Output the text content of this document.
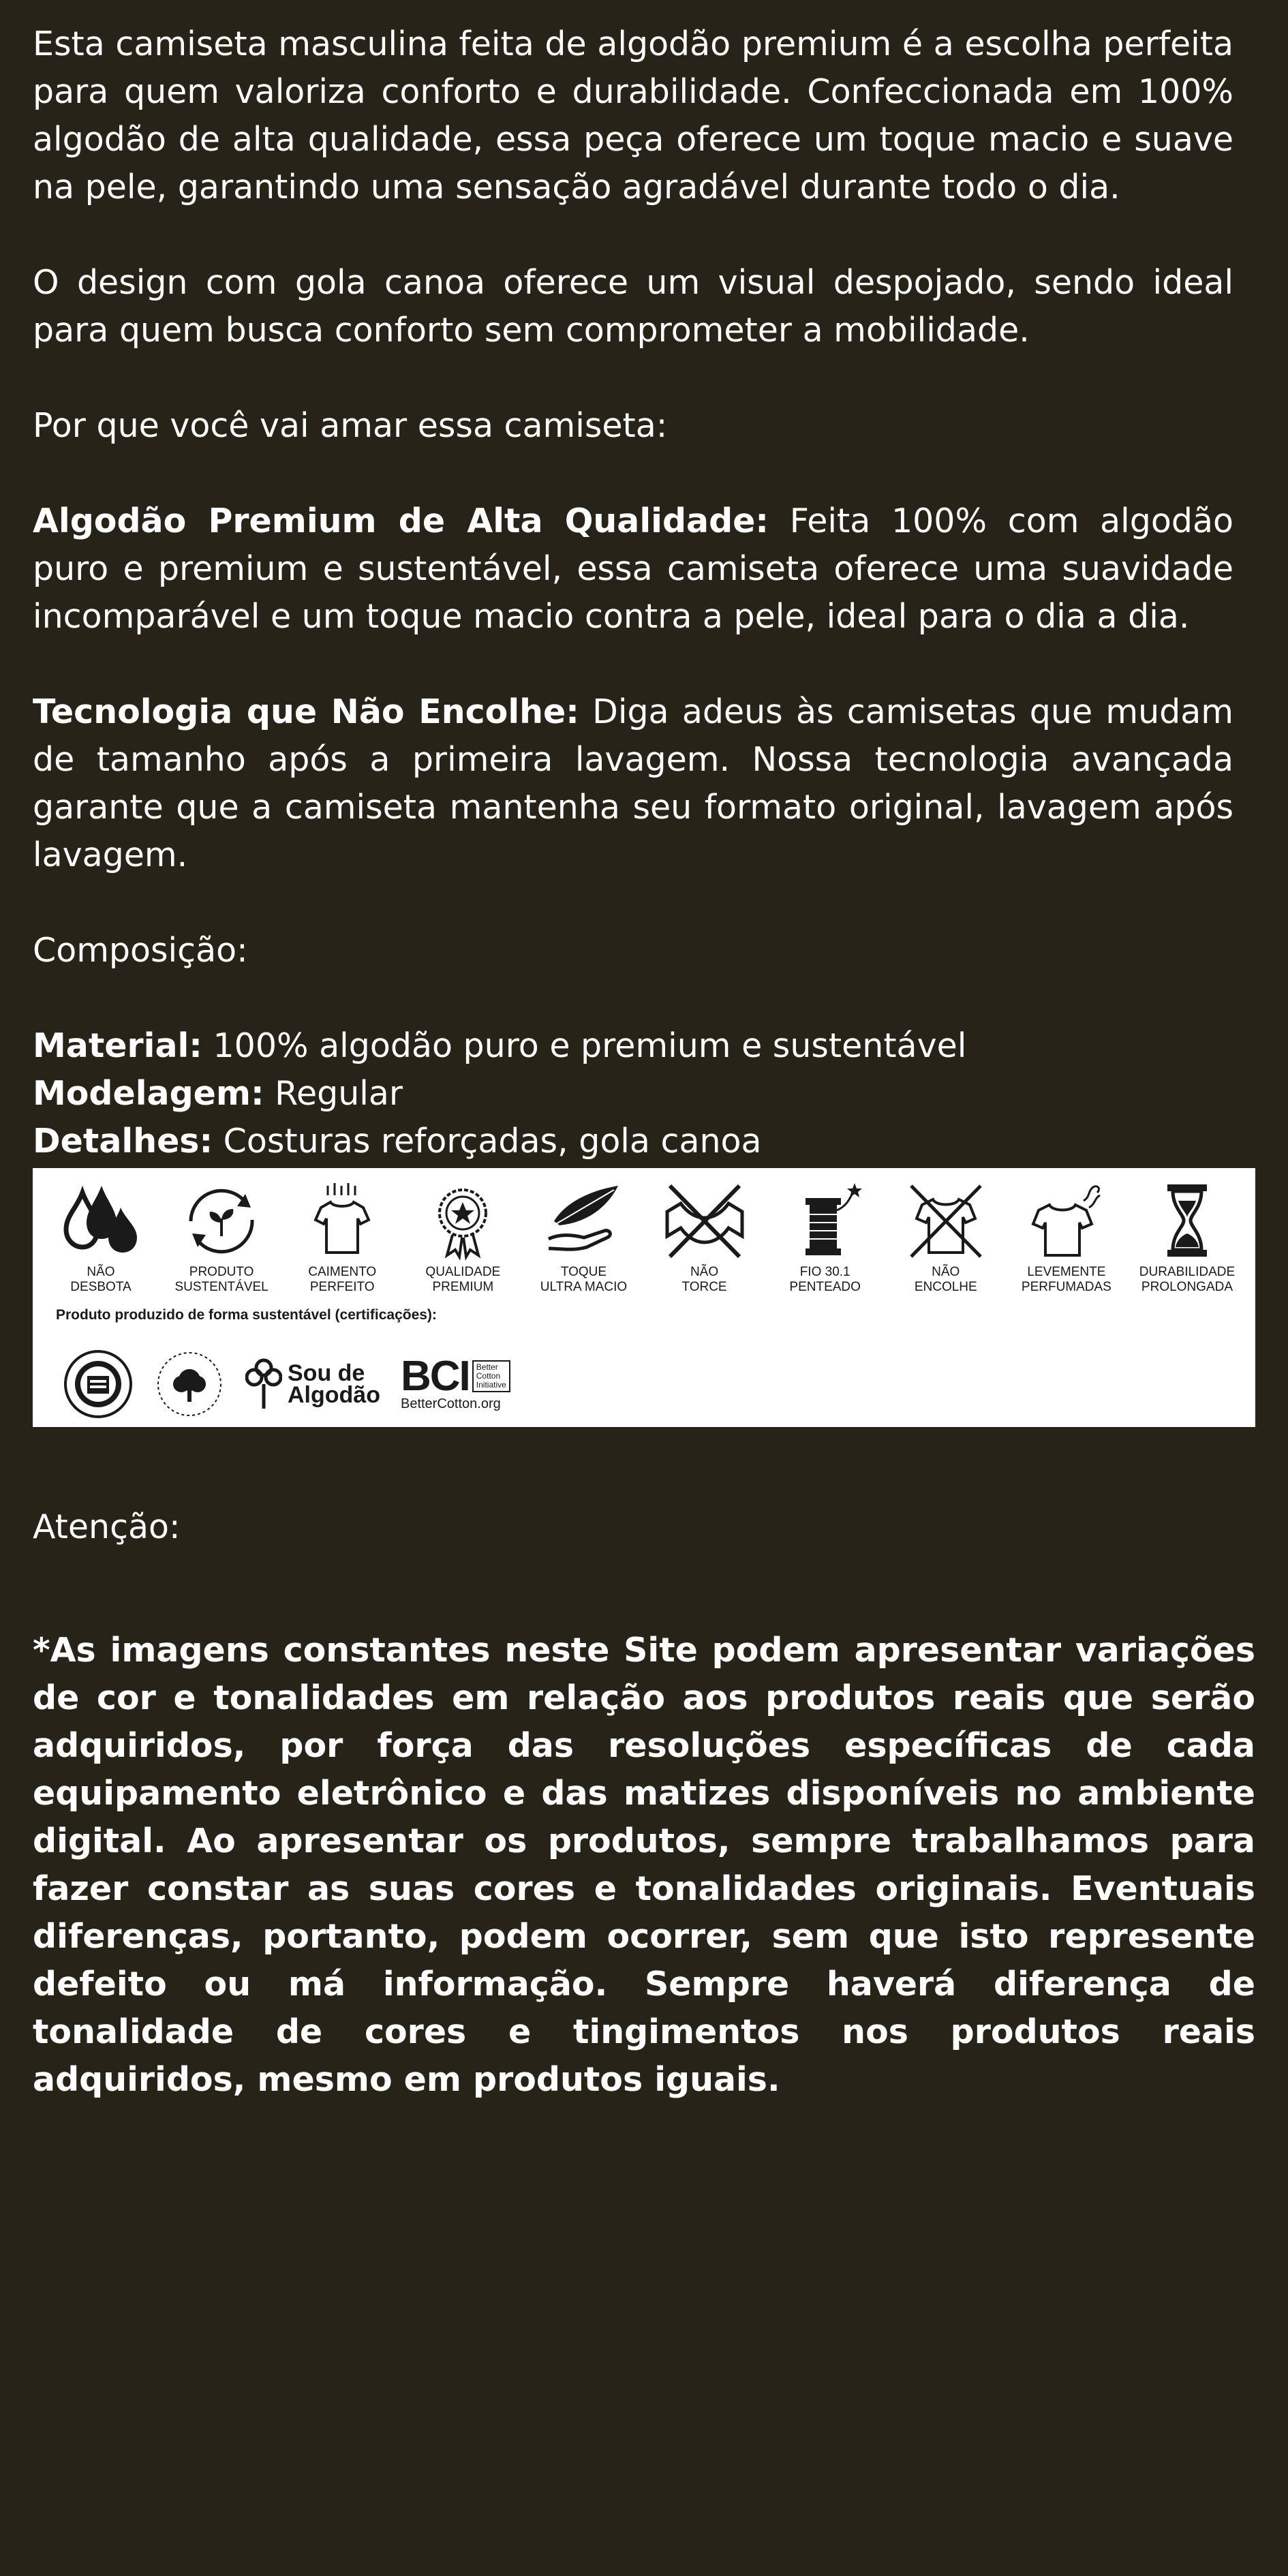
Esta camiseta masculina feita de algodão premium é a escolha perfeita para quem valoriza conforto e durabilidade. Confeccionada em 100% algodão de alta qualidade, essa peça oferece um toque macio e suave na pele, garantindo uma sensação agradável durante todo o dia.

O design com gola canoa oferece um visual despojado, sendo ideal para quem busca conforto sem comprometer a mobilidade.

Por que você vai amar essa camiseta:

Algodão Premium de Alta Qualidade: Feita 100% com algodão puro e premium e sustentável, essa camiseta oferece uma suavidade incomparável e um toque macio contra a pele, ideal para o dia a dia.

Tecnologia que Não Encolhe: Diga adeus às camisetas que mudam de tamanho após a primeira lavagem. Nossa tecnologia avançada garante que a camiseta mantenha seu formato original, lavagem após lavagem.

Composição:

Material: 100% algodão puro e premium e sustentável
Modelagem: Regular
Detalhes: Costuras reforçadas, gola canoa
NÃO
DESBOTA
PRODUTO
SUSTENTÁVEL
CAIMENTO
PERFEITO
QUALIDADE
PREMIUM
TOQUE
ULTRA MACIO
NÃO
TORCE
FIO 30.1
PENTEADO
NÃO
ENCOLHE
LEVEMENTE
PERFUMADAS
DURABILIDADE
PROLONGADA
Produto produzido de forma sustentável (certificações):
Sou de
Algodão BCI Better
Cotton
Initiative
BetterCotton.org
Atenção:
*As imagens constantes neste Site podem apresentar variações de cor e tonalidades em relação aos produtos reais que serão adquiridos, por força das resoluções específicas de cada equipamento eletrônico e das matizes disponíveis no ambiente digital. Ao apresentar os produtos, sempre trabalhamos para fazer constar as suas cores e tonalidades originais. Eventuais diferenças, portanto, podem ocorrer, sem que isto represente defeito ou má informação. Sempre haverá diferença de tonalidade de cores e tingimentos nos produtos reais adquiridos, mesmo em produtos iguais.
